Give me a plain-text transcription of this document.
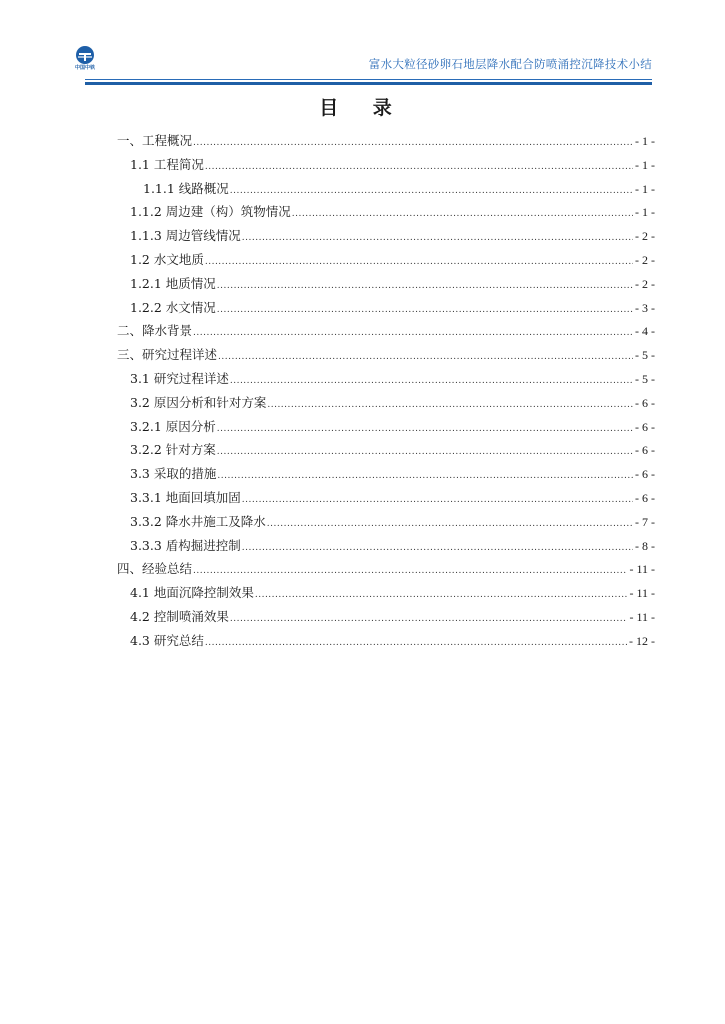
中国中铁	富水大粒径砂卵石地层降水配合防喷涌控沉降技术小结
目 录
一、工程概况 .....	- 1 -
1.1 工程简况 .....	- 1 -
1.1.1 线路概况 .....	- 1 -
1.1.2 周边建（构）筑物情况 .....	- 1 -
1.1.3 周边管线情况 .....	- 2 -
1.2 水文地质 .....	- 2 -
1.2.1 地质情况 .....	- 2 -
1.2.2 水文情况 .....	- 3 -
二、降水背景 .....	- 4 -
三、研究过程详述 .....	- 5 -
3.1 研究过程详述 .....	- 5 -
3.2 原因分析和针对方案 .....	- 6 -
3.2.1 原因分析 .....	- 6 -
3.2.2 针对方案 .....	- 6 -
3.3 采取的措施 .....	- 6 -
3.3.1 地面回填加固 .....	- 6 -
3.3.2 降水井施工及降水 .....	- 7 -
3.3.3 盾构掘进控制 .....	- 8 -
四、经验总结 .....	- 11 -
4.1 地面沉降控制效果 .....	- 11 -
4.2 控制喷涌效果 .....	- 11 -
4.3 研究总结 .....	- 12 -
